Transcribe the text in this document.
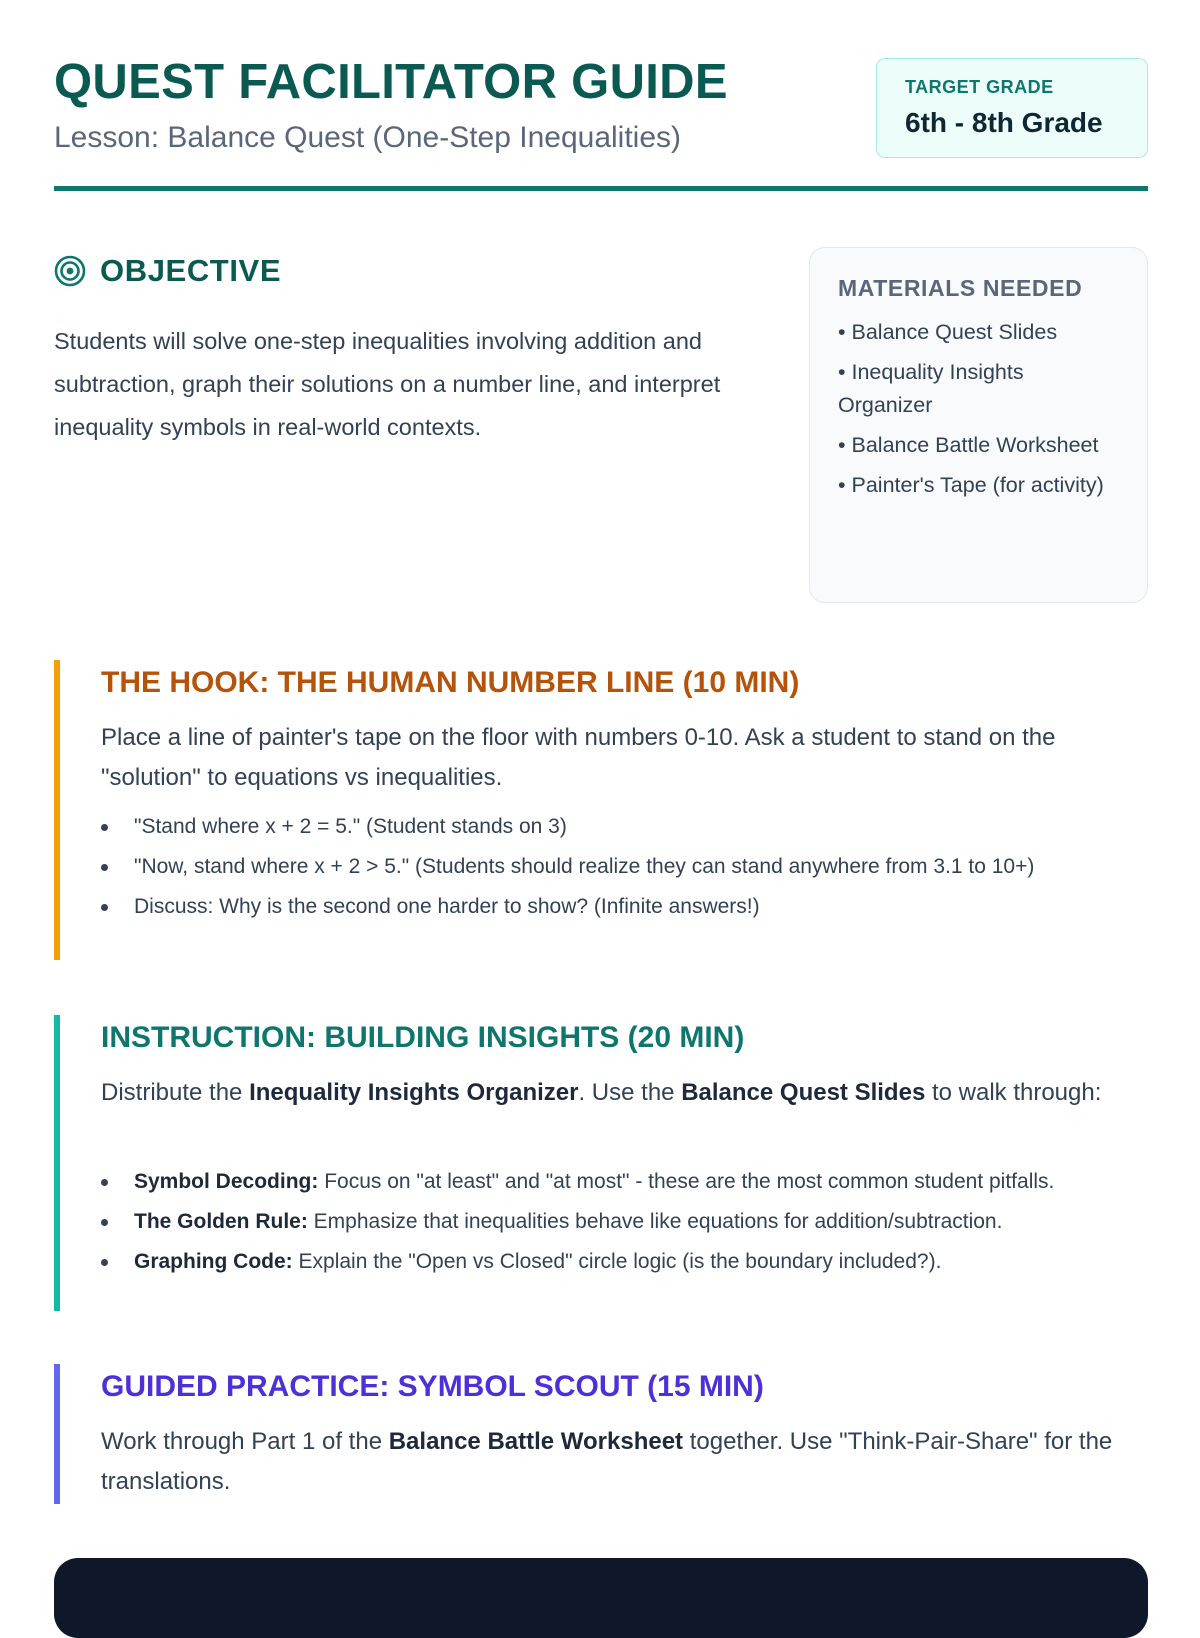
QUEST FACILITATOR GUIDE
Lesson: Balance Quest (One-Step Inequalities)
TARGET GRADE
6th - 8th Grade
OBJECTIVE
Students will solve one-step inequalities involving addition and subtraction, graph their solutions on a number line, and interpret inequality symbols in real-world contexts.
MATERIALS NEEDED
• Balance Quest Slides
• Inequality Insights Organizer
• Balance Battle Worksheet
• Painter's Tape (for activity)
THE HOOK: THE HUMAN NUMBER LINE (10 MIN)
Place a line of painter's tape on the floor with numbers 0-10. Ask a student to stand on the "solution" to equations vs inequalities.
"Stand where x + 2 = 5." (Student stands on 3)
"Now, stand where x + 2 > 5." (Students should realize they can stand anywhere from 3.1 to 10+)
Discuss: Why is the second one harder to show? (Infinite answers!)
INSTRUCTION: BUILDING INSIGHTS (20 MIN)
Distribute the Inequality Insights Organizer. Use the Balance Quest Slides to walk through:
Symbol Decoding: Focus on "at least" and "at most" - these are the most common student pitfalls.
The Golden Rule: Emphasize that inequalities behave like equations for addition/subtraction.
Graphing Code: Explain the "Open vs Closed" circle logic (is the boundary included?).
GUIDED PRACTICE: SYMBOL SCOUT (15 MIN)
Work through Part 1 of the Balance Battle Worksheet together. Use "Think-Pair-Share" for the translations.
